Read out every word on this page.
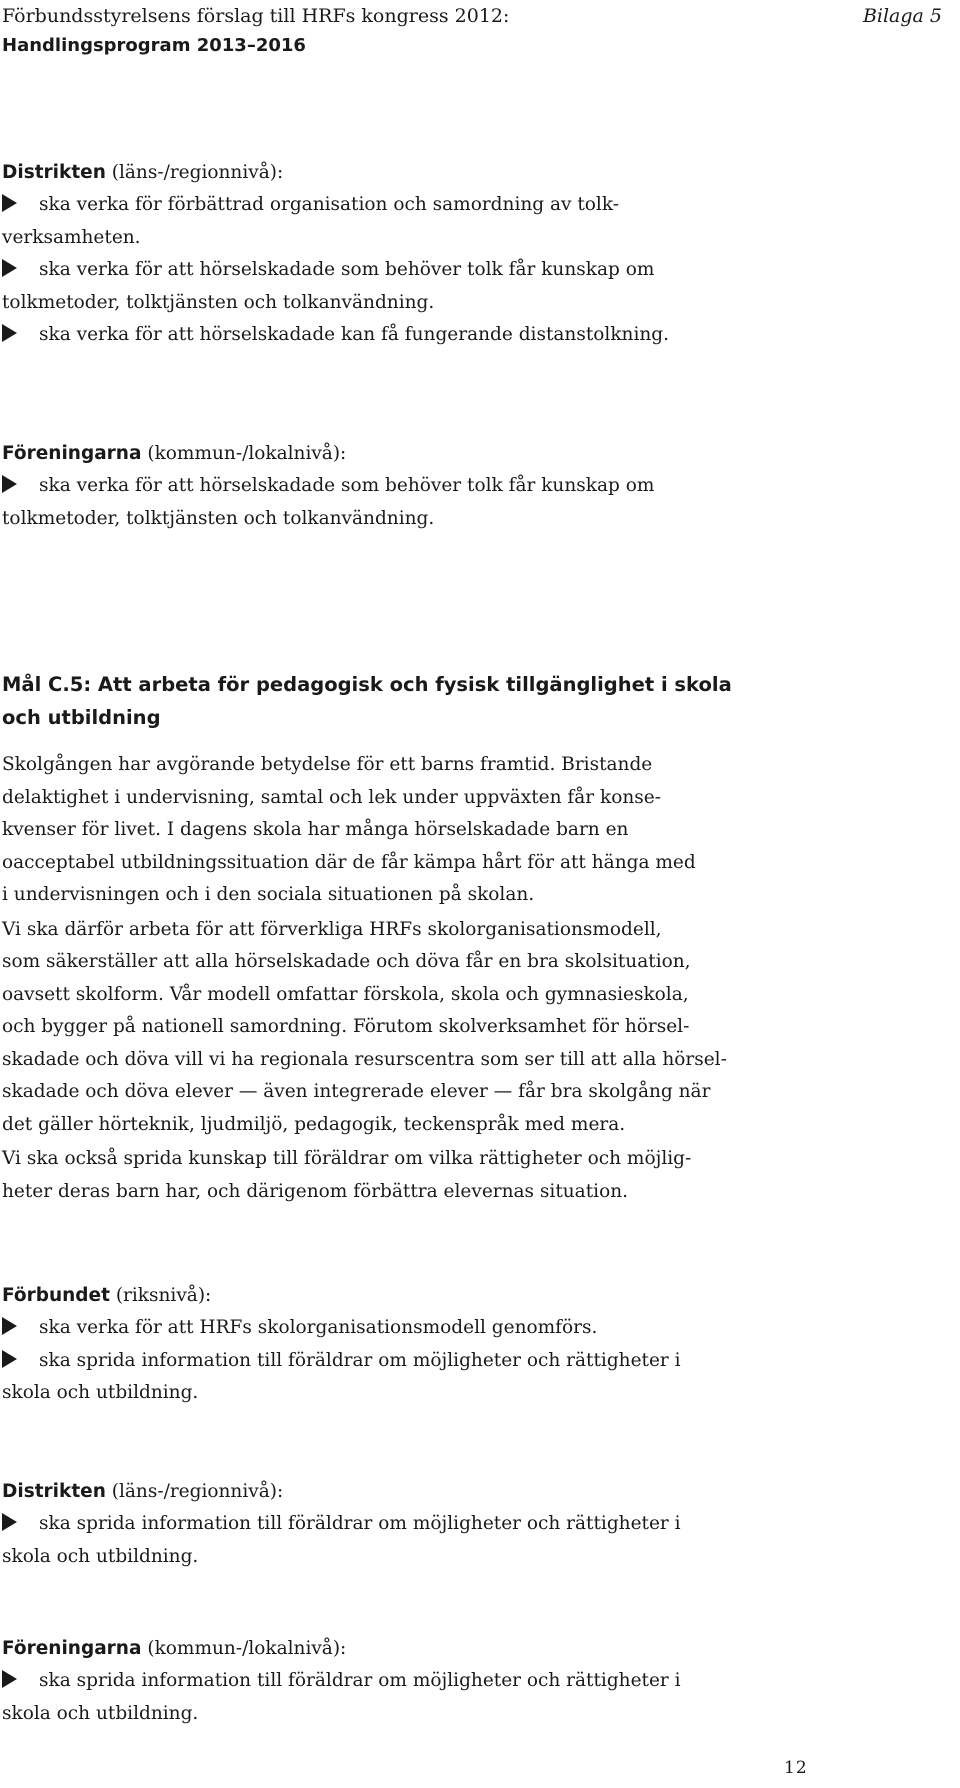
Förbundsstyrelsens förslag till HRFs kongress 2012:	Bilaga 5
Handlingsprogram 2013–2016

Distrikten (läns-/regionnivå):

ska verka för förbättrad organisation och samordning av tolk-

verksamheten.

ska verka för att hörselskadade som behöver tolk får kunskap om

tolkmetoder, tolktjänsten och tolkanvändning.

ska verka för att hörselskadade kan få fungerande distanstolkning.

Föreningarna (kommun-/lokalnivå):

ska verka för att hörselskadade som behöver tolk får kunskap om

tolkmetoder, tolktjänsten och tolkanvändning.

Mål C.5: Att arbeta för pedagogisk och fysisk tillgänglighet i skola
och utbildning

Skolgången har avgörande betydelse för ett barns framtid. Bristande

delaktighet i undervisning, samtal och lek under uppväxten får konse-

kvenser för livet. I dagens skola har många hörselskadade barn en

oacceptabel utbildningssituation där de får kämpa hårt för att hänga med

i undervisningen och i den sociala situationen på skolan.

Vi ska därför arbeta för att förverkliga HRFs skolorganisationsmodell,

som säkerställer att alla hörselskadade och döva får en bra skolsituation,

oavsett skolform. Vår modell omfattar förskola, skola och gymnasieskola,

och bygger på nationell samordning. Förutom skolverksamhet för hörsel-

skadade och döva vill vi ha regionala resurscentra som ser till att alla hörsel-

skadade och döva elever — även integrerade elever — får bra skolgång när

det gäller hörteknik, ljudmiljö, pedagogik, teckenspråk med mera.

Vi ska också sprida kunskap till föräldrar om vilka rättigheter och möjlig-

heter deras barn har, och därigenom förbättra elevernas situation.

Förbundet (riksnivå):

ska verka för att HRFs skolorganisationsmodell genomförs.

ska sprida information till föräldrar om möjligheter och rättigheter i

skola och utbildning.

Distrikten (läns-/regionnivå):

ska sprida information till föräldrar om möjligheter och rättigheter i

skola och utbildning.

Föreningarna (kommun-/lokalnivå):

ska sprida information till föräldrar om möjligheter och rättigheter i

skola och utbildning.

12
